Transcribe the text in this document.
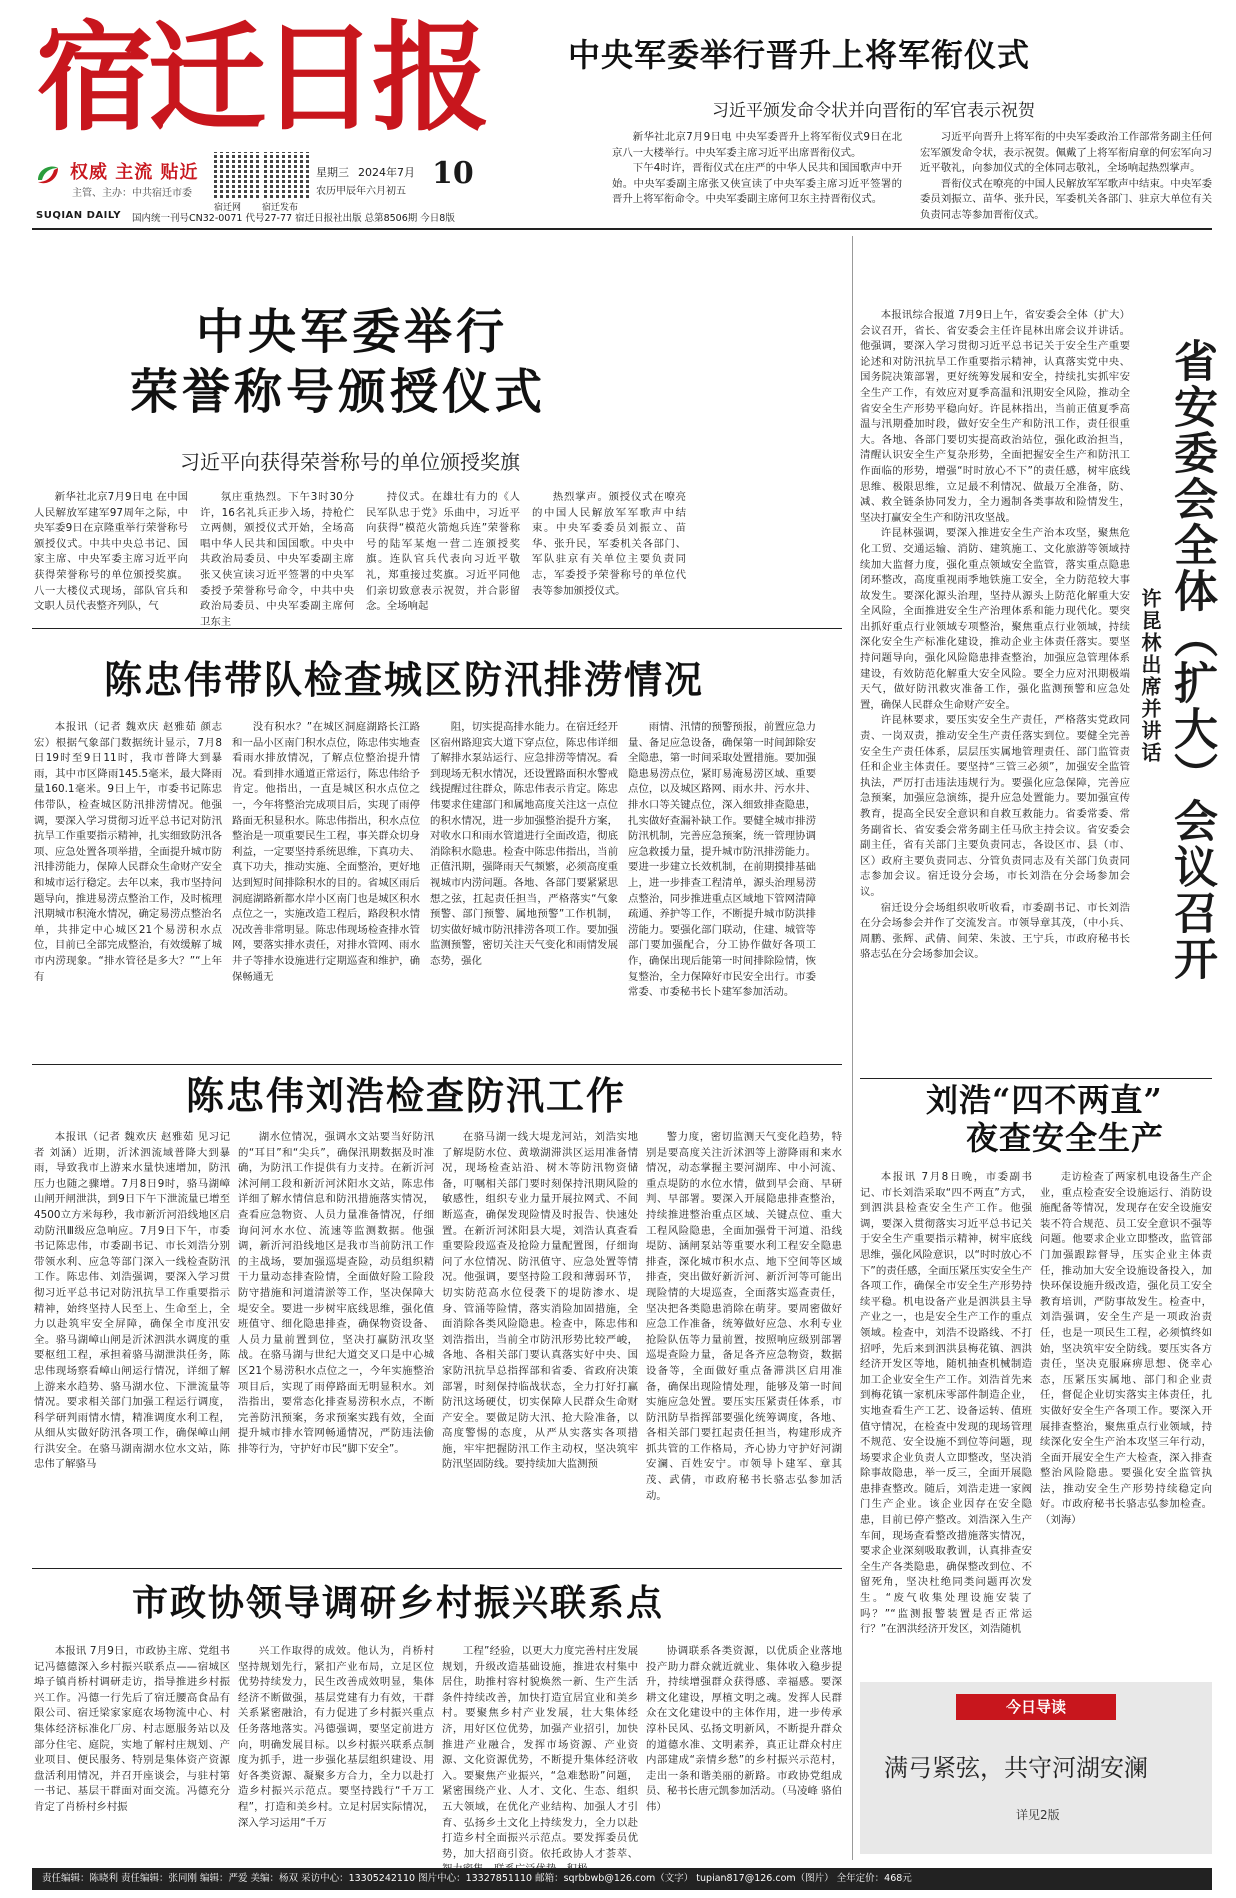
宿迁日报
权威 主流 贴近
主管、主办：中共宿迁市委
宿迁网 宿迁发布
星期三 2024年7月 10
农历甲辰年六月初五
SUQIAN DAILY 国内统一刊号CN32-0071 代号27-77 宿迁日报社出版 总第8506期 今日8版
中央军委举行晋升上将军衔仪式
习近平颁发命令状并向晋衔的军官表示祝贺

新华社北京7月9日电 中央军委晋升上将军衔仪式9日在北京八一大楼举行。中央军委主席习近平出席晋衔仪式。

下午4时许，晋衔仪式在庄严的中华人民共和国国歌声中开始。中央军委副主席张又侠宣读了中央军委主席习近平签署的晋升上将军衔命令。中央军委副主席何卫东主持晋衔仪式。

习近平向晋升上将军衔的中央军委政治工作部常务副主任何宏军颁发命令状，表示祝贺。佩戴了上将军衔肩章的何宏军向习近平敬礼，向参加仪式的全体同志敬礼，全场响起热烈掌声。

晋衔仪式在嘹亮的中国人民解放军军歌声中结束。中央军委委员刘振立、苗华、张升民，军委机关各部门、驻京大单位有关负责同志等参加晋衔仪式。

中央军委举行
荣誉称号颁授仪式
习近平向获得荣誉称号的单位颁授奖旗

新华社北京7月9日电 在中国人民解放军建军97周年之际，中央军委9日在京隆重举行荣誉称号颁授仪式。中共中央总书记、国家主席、中央军委主席习近平向获得荣誉称号的单位颁授奖旗。八一大楼仪式现场，部队官兵和文职人员代表整齐列队，气

氛庄重热烈。下午3时30分许，16名礼兵正步入场，持枪伫立两侧，颁授仪式开始，全场高唱中华人民共和国国歌。中央中共政治局委员、中央军委副主席张又侠宣读习近平签署的中央军委授予荣誉称号命令，中共中央政治局委员、中央军委副主席何卫东主

持仪式。在雄壮有力的《人民军队忠于党》乐曲中，习近平向获得“模范火箭炮兵连”荣誉称号的陆军某炮一营二连颁授奖旗。连队官兵代表向习近平敬礼，郑重接过奖旗。习近平同他们亲切致意表示祝贺，并合影留念。全场响起

热烈掌声。颁授仪式在嘹亮的中国人民解放军军歌声中结束。中央军委委员刘振立、苗华、张升民，军委机关各部门、军队驻京有关单位主要负责同志，军委授予荣誉称号的单位代表等参加颁授仪式。

陈忠伟带队检查城区防汛排涝情况

本报讯（记者 魏欢庆 赵雅茹 颜志宏）根据气象部门数据统计显示，7月8日19时至9日11时，我市普降大到暴雨，其中市区降雨145.5毫米，最大降雨量160.1毫米。9日上午，市委书记陈忠伟带队，检查城区防汛排涝情况。他强调，要深入学习贯彻习近平总书记对防汛抗旱工作重要指示精神，扎实细致防汛各项、应急处置各项举措，全面提升城市防汛排涝能力，保障人民群众生命财产安全和城市运行稳定。去年以来，我市坚持问题导向，推进易涝点整治工作，及时梳理汛期城市积淹水情况，确定易涝点整治名单，共排定中心城区21个易涝积水点位，目前已全部完成整治，有效缓解了城市内涝现象。“排水管径是多大？”“上年有

没有积水？”在城区洞庭湖路长江路和一品小区南门积水点位，陈忠伟实地查看雨水排放情况，了解点位整治提升情况。看到排水通道正常运行，陈忠伟给予肯定。他指出，一直是城区积水点位之一，今年将整治完成项目后，实现了雨停路面无积显积水。陈忠伟指出，积水点位整治是一项重要民生工程，事关群众切身利益，一定要坚持系统思维，下真功夫、真下功夫，推动实施、全面整治，更好地达到短时间排除积水的目的。省城区雨后洞庭湖路新都水岸小区南门也是城区积水点位之一，实施改造工程后，路段积水情况改善非常明显。陈忠伟现场检查排水管网，要落实排水责任，对排水管网、雨水井子等排水设施进行定期巡查和维护，确保畅通无

阻，切实提高排水能力。在宿迁经开区宿州路迎宾大道下穿点位，陈忠伟详细了解排水泵站运行、应急排涝等情况。看到现场无积水情况，还设置路面积水警戒线提醒过往群众，陈忠伟表示肯定。陈忠伟要求住建部门和属地高度关注这一点位的积水情况，进一步加强整治提升方案，对收水口和雨水管道进行全面改造，彻底消除积水隐患。检查中陈忠伟指出，当前正值汛期，强降雨天气频繁，必须高度重视城市内涝问题。各地、各部门要紧紧思想之弦，扛起责任担当，严格落实“气象预警、部门预警、属地预警”工作机制，切实做好城市防汛排涝各项工作。要加强监测预警，密切关注天气变化和雨情发展态势，强化

雨情、汛情的预警预报，前置应急力量、备足应急设备，确保第一时间卸除安全隐患，第一时间采取处置措施。要加强隐患易涝点位，紧盯易淹易涝区域、重要点位，以及城区路网、雨水井、污水井、排水口等关键点位，深入细致排查隐患，扎实做好查漏补缺工作。要健全城市排涝防汛机制，完善应急预案，统一管理协调应急救援力量，提升城市防汛排涝能力。要进一步建立长效机制，在前期摸排基础上，进一步排查工程清单，源头治理易涝点整治，同步推进重点区域地下管网清障疏通、养护等工作，不断提升城市防洪排涝能力。要强化部门联动，住建、城管等部门要加强配合，分工协作做好各项工作，确保出现后能第一时间排除险情，恢复整治，全力保障好市民安全出行。市委常委、市委秘书长卜建军参加活动。

陈忠伟刘浩检查防汛工作

本报讯（记者 魏欢庆 赵雅茹 见习记者 刘涵）近期，沂沭泗流域普降大到暴雨，导致我市上游来水量快速增加，防汛压力也随之骤增。7月8日9时，骆马湖嶂山闸开闸泄洪，到9日下午下泄流量已增至4500立方米每秒，我市新沂河沿线地区启动防汛Ⅲ级应急响应。7月9日下午，市委书记陈忠伟，市委副书记、市长刘浩分别带领水利、应急等部门深入一线检查防汛工作。陈忠伟、刘浩强调，要深入学习贯彻习近平总书记对防汛抗旱工作重要指示精神，始终坚持人民至上、生命至上，全力以赴筑牢安全屏障，确保全市度汛安全。骆马湖嶂山闸是沂沭泗洪水调度的重要枢纽工程，承担着骆马湖泄洪任务，陈忠伟现场察看嶂山闸运行情况，详细了解上游来水趋势、骆马湖水位、下泄流量等情况。要求相关部门加强工程运行调度，科学研判雨情水情，精准调度水利工程，从细从实做好防汛各项工作，确保嶂山闸行洪安全。在骆马湖南湖水位水文站，陈忠伟了解骆马

湖水位情况，强调水文站要当好防汛的“耳目”和“尖兵”，确保汛期数据及时准确，为防汛工作提供有力支持。在新沂河沭河闸工段和新沂河沭阳水文站，陈忠伟详细了解水情信息和防汛措施落实情况，查看应急物资、人员力量准备情况，仔细询问河水水位、流速等监测数据。他强调，新沂河沿线地区是我市当前防汛工作的主战场，要加强巡堤查险，动员组织精干力量动态排查险情，全面做好险工险段防守措施和河道清淤等工作，坚决保障大堤安全。要进一步树牢底线思维，强化值班值守、细化隐患排查，确保物资设备、人员力量前置到位，坚决打赢防汛攻坚战。在骆马湖与世纪大道交叉口是中心城区21个易涝积水点位之一，今年实施整治项目后，实现了雨停路面无明显积水。刘浩指出，要常态化排查易涝积水点，不断完善防汛预案，务求预案实践有效，全面提升城市排水管网畅通情况，严防违法偷排等行为，守护好市民“脚下安全”。

在骆马湖一线大堤龙河站，刘浩实地了解堤防水位、黄墩湖滞洪区运用准备情况，现场检查站沿、树木等防汛物资储备，叮嘱相关部门要时刻保持汛期风险的敏感性，组织专业力量开展拉网式、不间断巡查，确保发现险情及时报告、快速处置。在新沂河沭阳县大堤，刘浩认真查看重要险段巡查及抢险力量配置图，仔细询问了水位情况、防汛值守、应急处置等情况。他强调，要坚持险工段和薄弱环节，切实防范高水位侵袭下的堤防渗水、堤身、管涌等险情，落实消险加固措施，全面消除各类风险隐患。检查中，陈忠伟和刘浩指出，当前全市防汛形势比较严峻，各地、各相关部门要认真落实好中央、国家防汛抗旱总指挥部和省委、省政府决策部署，时刻保持临战状态，全力打好打赢防汛这场硬仗，切实保障人民群众生命财产安全。要做足防大汛、抢大险准备，以高度警惕的态度，从严从实落实各项措施，牢牢把握防汛工作主动权，坚决筑牢防汛坚固防线。要持续加大监测预

警力度，密切监测天气变化趋势，特别是要高度关注沂沭泗等上游降雨和来水情况，动态掌握主要河湖库、中小河流、重点堤防的水位水情，做到早会商、早研判、早部署。要深入开展隐患排查整治，持续推进整治重点区域、关键点位、重大工程风险隐患，全面加强骨干河道、沿线堤防、涵闸泵站等重要水利工程安全隐患排查，深化城市积水点、地下空间等区域排查，突出做好新沂河、新沂河等可能出现险情的大堤巡查，全面落实巡查责任，坚决把各类隐患消除在萌芽。要周密做好应急工作准备，统筹做好应急、水利专业抢险队伍等力量前置，按照响应级别部署巡堤查险力量，备足各齐应急物资，数据设备等，全面做好重点备滞洪区启用准备，确保出现险情处理，能够及第一时间实施应急处置。要压实压紧责任体系，市防汛防旱指挥部要强化统筹调度，各地、各相关部门要扛起责任担当，构建形成齐抓共管的工作格局，齐心协力守护好河湖安澜、百姓安宁。市领导卜建军、章其茂、武倩，市政府秘书长骆志弘参加活动。

市政协领导调研乡村振兴联系点

本报讯 7月9日，市政协主席、党组书记冯德德深入乡村振兴联系点——宿城区埠子镇肖桥村调研走访，指导推进乡村振兴工作。冯德一行先后了宿迁腰高食品有限公司、宿迁梁家家庭农场物流中心、村集体经济标准化厂房、村志愿服务站以及部分住宅、庭院，实地了解村庄规划、产业项目、便民服务、特别是集体资产资源盘活利用情况，并召开座谈会，与驻村第一书记、基层干群面对面交流。冯德充分肯定了肖桥村乡村振

兴工作取得的成效。他认为，肖桥村坚持规划先行，紧扣产业布局，立足区位优势持续发力，民生改善成效明显，集体经济不断做强，基层党建有力有效，干群关系紧密融洽，有力促进了乡村振兴重点任务落地落实。冯德强调，要坚定前进方向，明确发展目标。以乡村振兴联系点制度为抓手，进一步强化基层组织建设、用好各类资源、凝聚多方合力，全力以赴打造乡村振兴示范点。要坚持践行“千万工程”，打造和美乡村。立足村居实际情况，深入学习运用“千万

工程”经验，以更大力度完善村庄发展规划，升级改造基础设施，推进农村集中居住，助推村容村貌焕然一新、生产生活条件持续改善，加快打造宜居宜业和美乡村。要聚焦乡村产业发展，壮大集体经济，用好区位优势，加强产业招引，加快推进产业融合，发挥市场资源、产业资源、文化资源优势，不断提升集体经济收入。要聚焦产业振兴，“急难愁盼”问题，紧密围绕产业、人才、文化、生态、组织五大领域，在优化产业结构、加强人才引育、弘扬乡土文化上持续发力，全力以赴打造乡村全面振兴示范点。要发挥委员优势，加大招商引资。依托政协人才荟萃、

协调联系各类资源，以优质企业落地投产助力群众就近就业、集体收入稳步提升，持续增强群众获得感、幸福感。要深耕文化建设，厚植文明之魂。发挥人民群众在文化建设中的主体作用，进一步传承淳朴民风、弘扬文明新风，不断提升群众的道德水准、文明素养，真正让群众村庄内部建成“亲情乡愁”的乡村振兴示范村，走出一条和谐美丽的新路。市政协党组成员、秘书长唐元凯参加活动。（马凌峰 骆伯伟）

本报讯综合报道 7月9日上午，省安委会全体（扩大）会议召开，省长、省安委会主任许昆林出席会议并讲话。他强调，要深入学习贯彻习近平总书记关于安全生产重要论述和对防汛抗旱工作重要指示精神，认真落实党中央、国务院决策部署，更好统筹发展和安全，持续扎实抓牢安全生产工作，有效应对夏季高温和汛期安全风险，推动全省安全生产形势平稳向好。许昆林指出，当前正值夏季高温与汛期叠加时段，做好安全生产和防汛工作，责任很重大。各地、各部门要切实提高政治站位，强化政治担当，清醒认识安全生产复杂形势，全面把握安全生产和防汛工作面临的形势，增强“时时放心不下”的责任感，树牢底线思维、极限思维，立足最不利情况、做最万全准备，防、减、救全链条协同发力，全力遏制各类事故和险情发生，坚决打赢安全生产和防汛攻坚战。

许昆林强调，要深入推进安全生产治本攻坚，聚焦危化工贸、交通运输、消防、建筑施工、文化旅游等领域持续加大监督力度，强化重点领域安全监管，落实重点隐患闭环整改，高度重视雨季地铁施工安全，全力防范较大事故发生。要深化源头治理，坚持从源头上防范化解重大安全风险，全面推进安全生产治理体系和能力现代化。要突出抓好重点行业领域专项整治，聚焦重点行业领域，持续深化安全生产标准化建设，推动企业主体责任落实。要坚持问题导向，强化风险隐患排查整治，加强应急管理体系建设，有效防范化解重大安全风险。要全力应对汛期极端天气，做好防汛救灾准备工作，强化监测预警和应急处置，确保人民群众生命财产安全。

许昆林要求，要压实安全生产责任，严格落实党政同责、一岗双责，推动安全生产责任落实到位。要健全完善安全生产责任体系，层层压实属地管理责任、部门监管责任和企业主体责任。要坚持“三管三必须”，加强安全监管执法，严厉打击违法违规行为。要强化应急保障，完善应急预案，加强应急演练，提升应急处置能力。要加强宣传教育，提高全民安全意识和自救互救能力。省委常委、常务副省长、省安委会常务副主任马欣主持会议。省安委会副主任，省有关部门主要负责同志，各设区市、县（市、区）政府主要负责同志、分管负责同志及有关部门负责同志参加会议。宿迁设分会场，市长刘浩在分会场参加会议。

宿迁设分会场组织收听收看，市委副书记、市长刘浩在分会场参会并作了交流发言。市领导章其茂，（中小兵、周鹏、张辉、武倩、间荣、朱波、王宁兵，市政府秘书长骆志弘在分会场参加会议。	省安委会全体（扩大）会议召开
许昆林出席并讲话
刘浩“四不两直”
夜查安全生产

本报讯 7月8日晚，市委副书记、市长刘浩采取“四不两直”方式，到泗洪县检查安全生产工作。他强调，要深入贯彻落实习近平总书记关于安全生产重要指示精神，树牢底线思维，强化风险意识，以“时时放心不下”的责任感，全面压紧压实安全生产各项工作，确保全市安全生产形势持续平稳。机电设备产业是泗洪县主导产业之一，也是安全生产工作的重点领域。检查中，刘浩不设路线、不打招呼，先后来到泗洪县梅花镇、泗洪经济开发区等地，随机抽查机械制造加工企业安全生产工作。刘浩首先来到梅花镇一家机床零部件制造企业，实地查看生产工艺、设备运转、值班值守情况，在检查中发现的现场管理不规范、安全设施不到位等问题，现场要求企业负责人立即整改，坚决消除事故隐患，举一反三，全面开展隐患排查整改。随后，刘浩走进一家阀门生产企业。该企业因存在安全隐患，目前已停产整改。刘浩深入生产车间，现场查看整改措施落实情况，要求企业深刻吸取教训，认真排查安全生产各类隐患，确保整改到位、不留死角，坚决杜绝同类问题再次发生。“废气收集处理设施安装了吗？”“监测报警装置是否正常运行？”在泗洪经济开发区，刘浩随机

走访检查了两家机电设备生产企业，重点检查安全设施运行、消防设施配备等情况，发现存在安全设施安装不符合规范、员工安全意识不强等问题。他要求企业立即整改，监管部门加强跟踪督导，压实企业主体责任，推动加大安全设施设备投入，加快环保设施升级改造，强化员工安全教育培训，严防事故发生。检查中，刘浩强调，安全生产是一项政治责任，也是一项民生工程，必须慎终如始，坚决筑牢安全防线。要压实各方责任，坚决克服麻痹思想、侥幸心态，压紧压实属地、部门和企业责任，督促企业切实落实主体责任，扎实做好安全生产各项工作。要深入开展排查整治，聚焦重点行业领域，持续深化安全生产治本攻坚三年行动，全面开展安全生产大检查，深入排查整治风险隐患。要强化安全监管执法，推动安全生产形势持续稳定向好。市政府秘书长骆志弘参加检查。（刘海）

今日导读
满弓紧弦，共守河湖安澜
详见2版
责任编辑：陈晓利 责任编辑：张同刚 编辑：严爱 美编：杨双 采访中心：13305242110 图片中心：13327851110 邮箱：sqrbbwb@126.com（文字） tupian817@126.com（图片） 全年定价：468元
